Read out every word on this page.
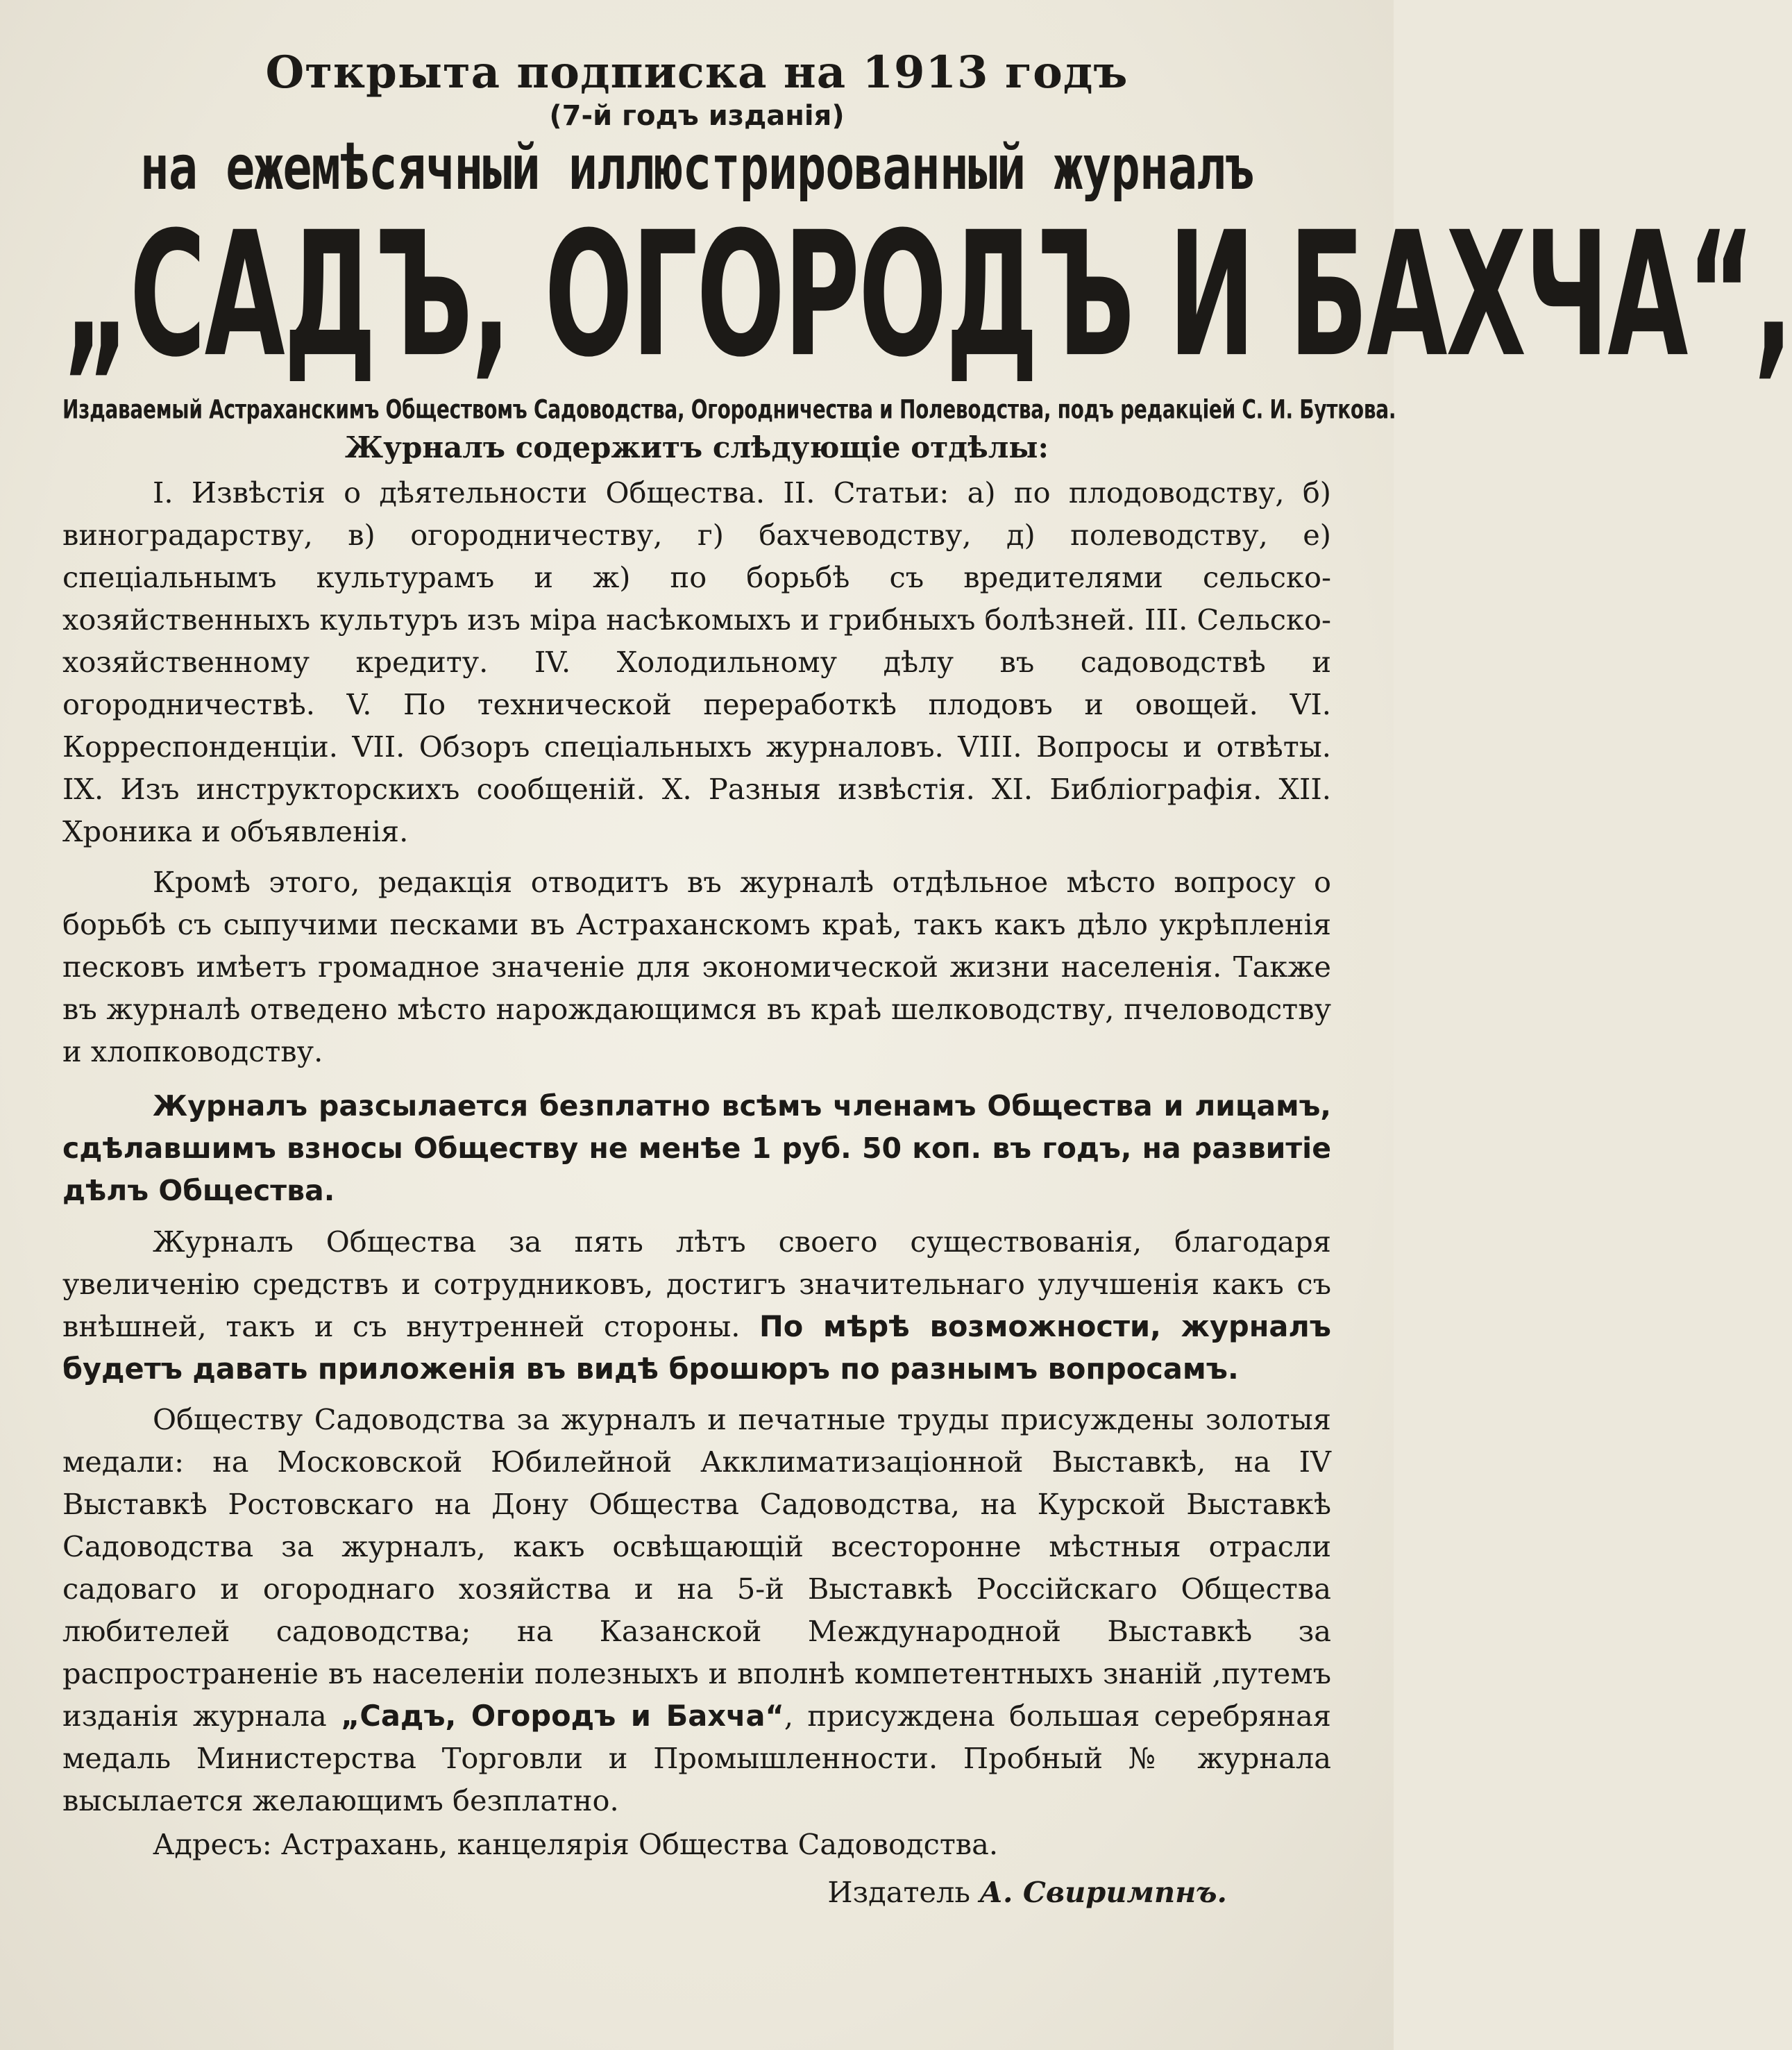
Открыта подписка на 1913 годъ
(7-й годъ изданія)
на ежемѣсячный иллюстрированный журналъ
„САДЪ, ОГОРОДЪ И БАХЧА“,
Издаваемый Астраханскимъ Обществомъ Садоводства, Огородничества и Полеводства, подъ редакціей С. И. Буткова.
Журналъ содержитъ слѣдующіе отдѣлы:

I. Извѣстія о дѣятельности Общества. II. Статьи: а) по плодоводству, б) виноградарству, в) огородничеству, г) бахчеводству, д) полеводству, е) спеціальнымъ культурамъ и ж) по борьбѣ съ вредителями сельско-хозяйственныхъ культуръ изъ міра насѣкомыхъ и грибныхъ болѣзней. III. Сельско-хозяйственному кредиту. IV. Холодильному дѣлу въ садоводствѣ и огородничествѣ. V. По технической переработкѣ плодовъ и овощей. VI. Корреспонденціи. VII. Обзоръ спеціальныхъ журналовъ. VIII. Вопросы и отвѣты. IX. Изъ инструкторскихъ сообщеній. X. Разныя извѣстія. XI. Библіографія. XII. Хроника и объявленія.

Кромѣ этого, редакція отводитъ въ журналѣ отдѣльное мѣсто вопросу о борьбѣ съ сыпучими песками въ Астраханскомъ краѣ, такъ какъ дѣло укрѣпленія песковъ имѣетъ громадное значеніе для экономической жизни населенія. Также въ журналѣ отведено мѣсто нарождающимся въ краѣ шелководству, пчеловодству и хлопководству.

Журналъ разсылается безплатно всѣмъ членамъ Общества и лицамъ, сдѣлавшимъ взносы Обществу не менѣе 1 руб. 50 коп. въ годъ, на развитіе дѣлъ Общества.

Журналъ Общества за пять лѣтъ своего существованія, благодаря увеличенію средствъ и сотрудниковъ, достигъ значительнаго улучшенія какъ съ внѣшней, такъ и съ внутренней стороны. По мѣрѣ возможности, журналъ будетъ давать приложенія въ видѣ брошюръ по разнымъ вопросамъ.

Обществу Садоводства за журналъ и печатные труды присуждены золотыя медали: на Московской Юбилейной Акклиматизаціонной Выставкѣ, на IV Выставкѣ Ростовскаго на Дону Общества Садоводства, на Курской Выставкѣ Садоводства за журналъ, какъ освѣщающій всесторонне мѣстныя отрасли садоваго и огороднаго хозяйства и на 5-й Выставкѣ Россійскаго Общества любителей садоводства; на Казанской Международной Выставкѣ за распространеніе въ населеніи полезныхъ и вполнѣ компетентныхъ знаній ,путемъ изданія журнала „Садъ, Огородъ и Бахча“, присуждена большая серебряная медаль Министерства Торговли и Промышленности. Пробный № журнала высылается желающимъ безплатно.

Адресъ: Астрахань, канцелярія Общества Садоводства.
Издатель А. Свиримпнъ.
